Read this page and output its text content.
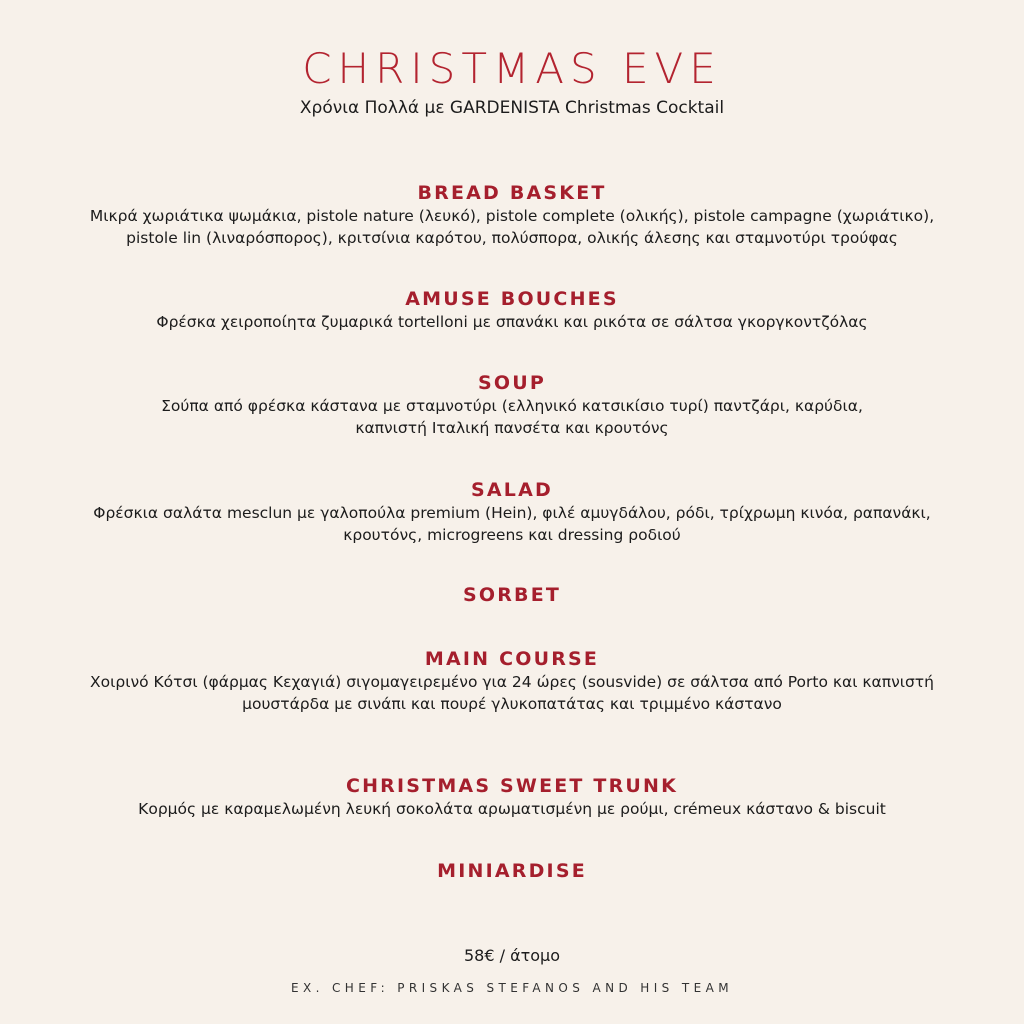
CHRISTMAS EVE
Χρόνια Πολλά με GARDENISTA Christmas Cocktail
BREAD BASKET
Μικρά χωριάτικα ψωμάκια, pistole nature (λευκό), pistole complete (ολικής), pistole campagne (χωριάτικο),
pistole lin (λιναρόσπορος), κριτσίνια καρότου, πολύσπορα, ολικής άλεσης και σταμνοτύρι τρούφας
AMUSE BOUCHES
Φρέσκα χειροποίητα ζυμαρικά tortelloni με σπανάκι και ρικότα σε σάλτσα γκοργκοντζόλας
SOUP
Σούπα από φρέσκα κάστανα με σταμνοτύρι (ελληνικό κατσικίσιο τυρί) παντζάρι, καρύδια,
καπνιστή Ιταλική πανσέτα και κρουτόνς
SALAD
Φρέσκια σαλάτα mesclun με γαλοπούλα premium (Hein), φιλέ αμυγδάλου, ρόδι, τρίχρωμη κινόα, ραπανάκι,
κρουτόνς, microgreens και dressing ροδιού
SORBET
MAIN COURSE
Χοιρινό Κότσι (φάρμας Κεχαγιά) σιγομαγειρεμένο για 24 ώρες (sousvide) σε σάλτσα από Porto και καπνιστή
μουστάρδα με σινάπι και πουρέ γλυκοπατάτας και τριμμένο κάστανο
CHRISTMAS SWEET TRUNK
Κορμός με καραμελωμένη λευκή σοκολάτα αρωματισμένη με ρούμι, crémeux κάστανο & biscuit
MINIARDISE
58€ / άτομο
EX. CHEF: PRISKAS STEFANOS AND HIS TEAM
